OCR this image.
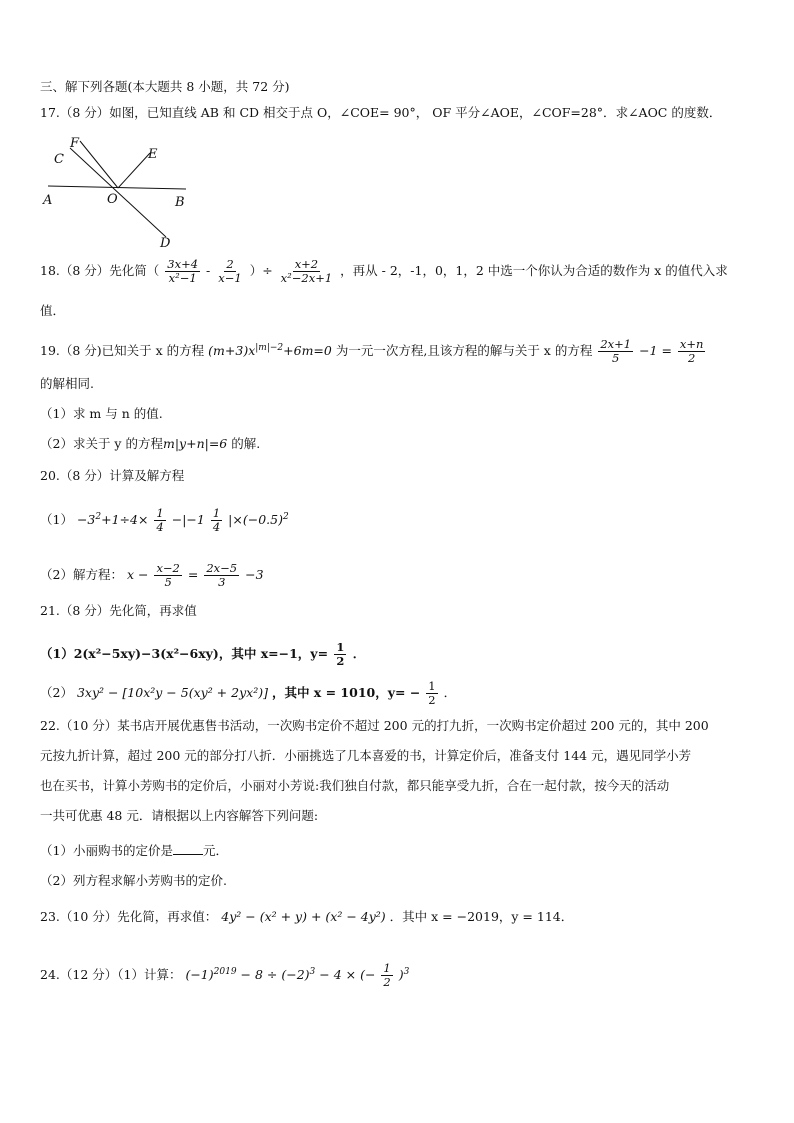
三、解下列各题(本大题共 8 小题，共 72 分)
17.（8 分）如图，已知直线 AB 和 CD 相交于点 O，∠COE= 90°， OF 平分∠AOE，∠COF=28°．求∠AOC 的度数．
C
F
E
A	O	B
D
18.（8 分）先化简（ $\frac{3x+4}{\text{x²−1}} - \frac{2}{x-1}$ ）÷ $\frac{x+2}{\text{x²−2x+1}}$ ，再从 - 2，-1，0，1，2 中选一个你认为合适的数作为 x 的值代入求
值．
19.（8 分)已知关于 x 的方程 $(m+3)x^{|m|-2}+6m=0$ 为一元一次方程,且该方程的解与关于 x 的方程 $\frac{2x+1}{5} -1 = \frac{x+n}{2}$
的解相同.
（1）求 m 与 n 的值.
（2）求关于 y 的方程m|y+n|=6 的解.
20.（8 分）计算及解方程
$(1) -3^2+1\div 4\times \frac{1}{4} -|-1 \frac{1}{4} |\times(-0.5)^2$
（2）解方程： $x - \frac{x-2}{5} = \frac{2x-5}{3} -3$
21.（8 分）先化简，再求值
（1）2(x²−5xy)−3(x²−6xy)，其中 x=−1，$y= \frac{1}{2}$ ．
（2） 3xy² − [10x²y − 5(xy² + 2yx²)] ，其中 x = 1010，$y= - \frac{1}{2}$ ．
22.（10 分）某书店开展优惠售书活动，一次购书定价不超过 200 元的打九折，一次购书定价超过 200 元的，其中 200
元按九折计算，超过 200 元的部分打八折．小丽挑选了几本喜爱的书，计算定价后，准备支付 144 元，遇见同学小芳
也在买书，计算小芳购书的定价后，小丽对小芳说:我们独自付款，都只能享受九折，合在一起付款，按今天的活动
一共可优惠 48 元．请根据以上内容解答下列问题:
（1）小丽购书的定价是 元．
（2）列方程求解小芳购书的定价.
23.（10 分）先化简，再求值： 4y² − (x² + y) + (x² − 4y²) ．其中 x = −2019，y = 114．
24.（12 分）（1）计算： $(-1)^{2019} - 8 \div (-2)^3 - 4$ × (− $\frac{1}{2} )^3$
